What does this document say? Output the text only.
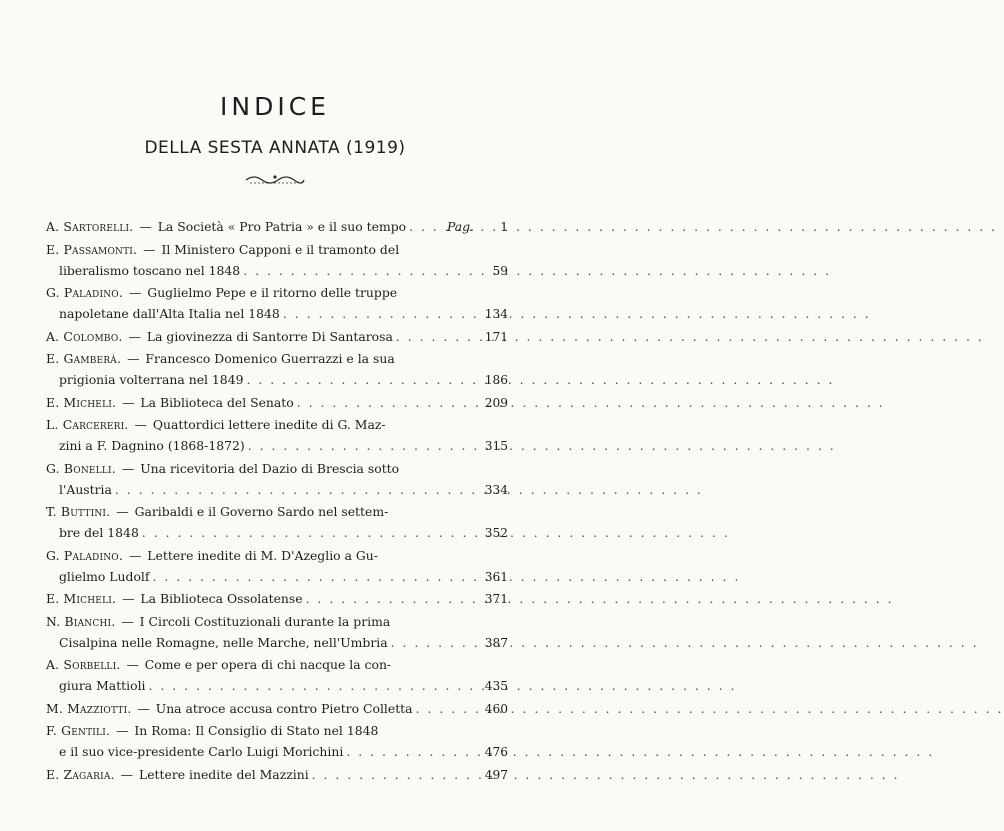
INDICE
DELLA SESTA ANNATA (1919)
A. Sartorelli. — La Società « Pro Patria » e il suo tempo . . .	Pag.	1
E. Passamonti. — Il Ministero Capponi e il tramonto del
liberalismo toscano nel 1848 . . .	59
G. Paladino. — Guglielmo Pepe e il ritorno delle truppe
napoletane dall'Alta Italia nel 1848 . . .	134
A. Colombo. — La giovinezza di Santorre Di Santarosa . . .	171
E. Gamberà. — Francesco Domenico Guerrazzi e la sua
prigionia volterrana nel 1849 . . .	186
E. Micheli. — La Biblioteca del Senato . . .	209
L. Carcereri. — Quattordici lettere inedite di G. Maz-
zini a F. Dagnino (1868-1872) . . .	315
G. Bonelli. — Una ricevitoria del Dazio di Brescia sotto
l'Austria . . .	334
T. Buttini. — Garibaldi e il Governo Sardo nel settem-
bre del 1848 . . .	352
G. Paladino. — Lettere inedite di M. D'Azeglio a Gu-
glielmo Ludolf . . .	361
E. Micheli. — La Biblioteca Ossolatense . . .	371
N. Bianchi. — I Circoli Costituzionali durante la prima
Cisalpina nelle Romagne, nelle Marche, nell'Umbria . . .	387
A. Sorbelli. — Come e per opera di chi nacque la con-
giura Mattioli . . .	435
M. Mazziotti. — Una atroce accusa contro Pietro Colletta . . .	460
F. Gentili. — In Roma: Il Consiglio di Stato nel 1848
e il suo vice-presidente Carlo Luigi Morichini . . .	476
E. Zagaria. — Lettere inedite del Mazzini . . .	497
